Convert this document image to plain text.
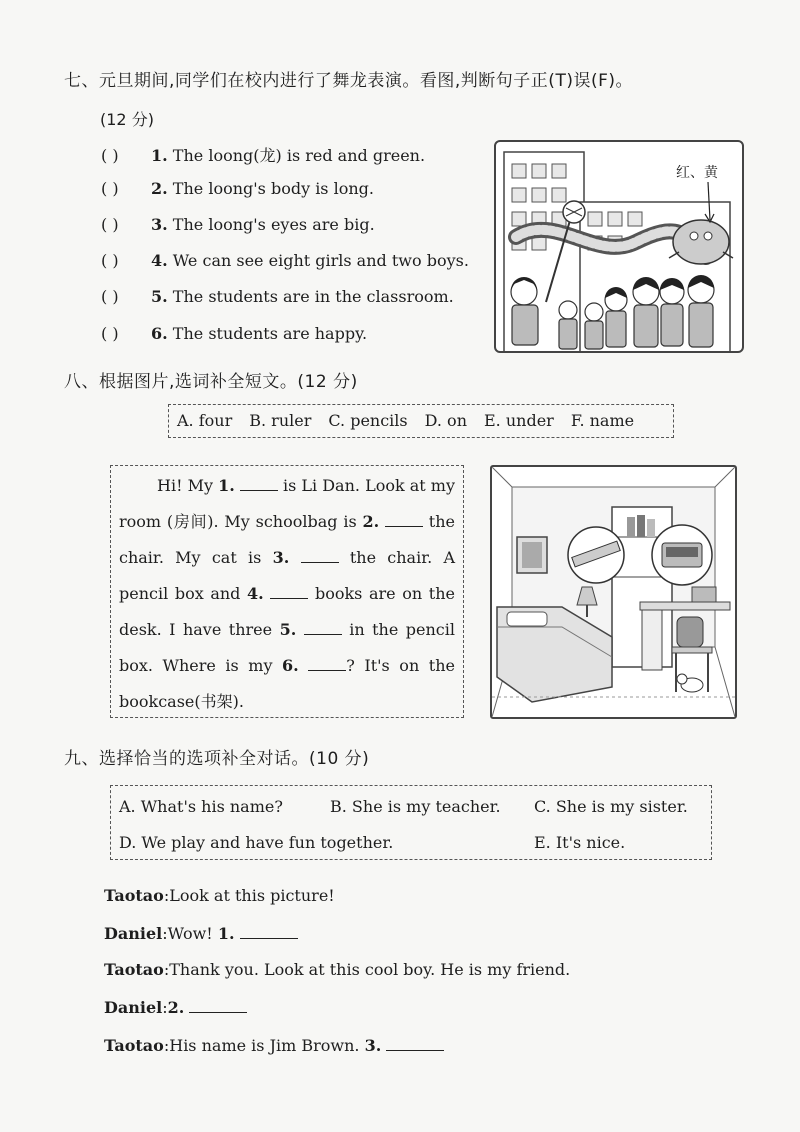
七、元旦期间,同学们在校内进行了舞龙表演。看图,判断句子正(T)误(F)。
(12 分)
( ) 1. The loong(龙) is red and green.
( ) 2. The loong's body is long.
( ) 3. The loong's eyes are big.
( ) 4. We can see eight girls and two boys.
( ) 5. The students are in the classroom.
( ) 6. The students are happy.
红、黄
八、根据图片,选词补全短文。(12 分)
A. four B. ruler C. pencils D. on E. under F. name
Hi! My 1.	is Li Dan. Look at my room (房间). My schoolbag is 2.	the chair. My cat is 3.	the chair. A pencil box and 4.	books are on the desk. I have three 5.	in the pencil box. Where is my 6.	? It's on the bookcase(书架).
九、选择恰当的选项补全对话。(10 分)
A. What's his name?	B. She is my teacher. C. She is my sister.
D. We play and have fun together.	E. It's nice.
Taotao:Look at this picture!
Daniel:Wow! 1.
Taotao:Thank you. Look at this cool boy. He is my friend.
Daniel:2.
Taotao:His name is Jim Brown. 3.
